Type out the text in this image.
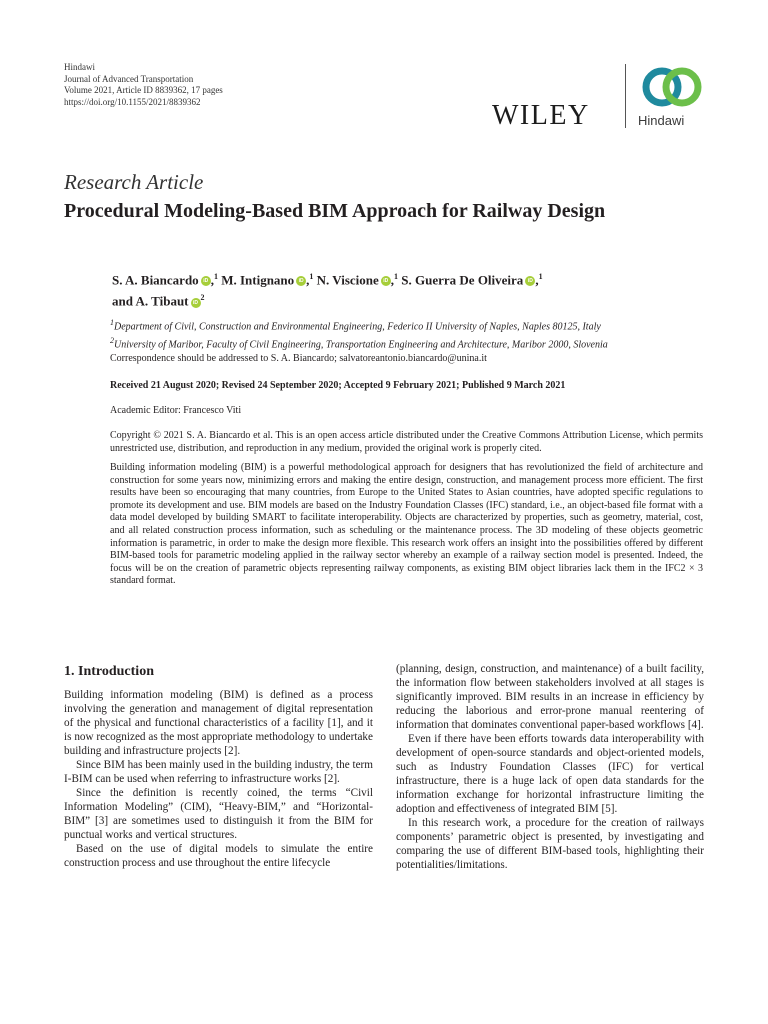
Hindawi
Journal of Advanced Transportation
Volume 2021, Article ID 8839362, 17 pages
https://doi.org/10.1155/2021/8839362	WILEY	Hindawi
Research Article
Procedural Modeling-Based BIM Approach for Railway Design
S. A. Biancardo iD ,$^1$ M. Intignano iD ,$^1$ N. Viscione iD ,$^1$ S. Guerra De Oliveira iD ,$^1$
and A. Tibaut $iD^2$
$^1$Department of Civil, Construction and Environmental Engineering, Federico II University of Naples, Naples 80125, Italy
$^2$University of Maribor, Faculty of Civil Engineering, Transportation Engineering and Architecture, Maribor 2000, Slovenia
Correspondence should be addressed to S. A. Biancardo; salvatoreantonio.biancardo@unina.it
Received 21 August 2020; Revised 24 September 2020; Accepted 9 February 2021; Published 9 March 2021
Academic Editor: Francesco Viti
Copyright © 2021 S. A. Biancardo et al. This is an open access article distributed under the Creative Commons Attribution License, which permits unrestricted use, distribution, and reproduction in any medium, provided the original work is properly cited.
Building information modeling (BIM) is a powerful methodological approach for designers that has revolutionized the field of architecture and construction for some years now, minimizing errors and making the entire design, construction, and management process more efficient. The first results have been so encouraging that many countries, from Europe to the United States to Asian countries, have adopted specific regulations to promote its development and use. BIM models are based on the Industry Foundation Classes (IFC) standard, i.e., an object-based file format with a data model developed by building SMART to facilitate interoperability. Objects are characterized by properties, such as geometry, material, cost, and all related construction process information, such as scheduling or the maintenance process. The 3D modeling of these objects geometric information is parametric, in order to make the design more flexible. This research work offers an insight into the possibilities offered by different BIM-based tools for parametric modeling applied in the railway sector whereby an example of a railway section model is presented. Indeed, the focus will be on the creation of parametric objects representing railway components, as existing BIM object libraries lack them in the IFC2 × 3 standard format.
1. Introduction

Building information modeling (BIM) is defined as a process involving the generation and management of digital representation of the physical and functional characteristics of a facility [1], and it is now recognized as the most appropriate methodology to undertake building and infrastructure projects [2].

Since BIM has been mainly used in the building industry, the term I-BIM can be used when referring to infrastructure works [2].

Since the definition is recently coined, the terms “Civil Information Modeling” (CIM), “Heavy-BIM,” and “Horizontal-BIM” [3] are sometimes used to distinguish it from the BIM for punctual works and vertical structures.

Based on the use of digital models to simulate the entire construction process and use throughout the entire lifecycle

(planning, design, construction, and maintenance) of a built facility, the information flow between stakeholders involved at all stages is significantly improved. BIM results in an increase in efficiency by reducing the laborious and error-prone manual reentering of information that dominates conventional paper-based workflows [4].

Even if there have been efforts towards data interoperability with development of open-source standards and object-oriented models, such as Industry Foundation Classes (IFC) for vertical infrastructure, there is a huge lack of open data standards for the information exchange for horizontal infrastructure limiting the adoption and effectiveness of integrated BIM [5].

In this research work, a procedure for the creation of railways components’ parametric object is presented, by investigating and comparing the use of different BIM-based tools, highlighting their potentialities/limitations.
